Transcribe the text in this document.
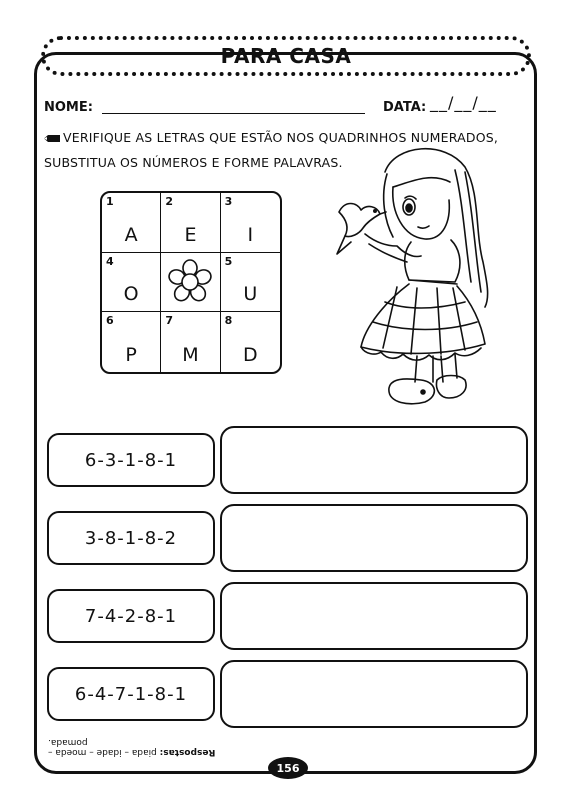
PARA CASA
NOME:	DATA: __/__/__
VERIFIQUE AS LETRAS QUE ESTÃO NOS QUADRINHOS NUMERADOS,
SUBSTITUA OS NÚMEROS E FORME PALAVRAS.
1
A
2
E
3
I
4
O
5
U
6
P
7
M
8
D
6-3-1-8-1
3-8-1-8-2
7-4-2-8-1
6-4-7-1-8-1
Respostas: piada – idade – moeda – pomada.
156
